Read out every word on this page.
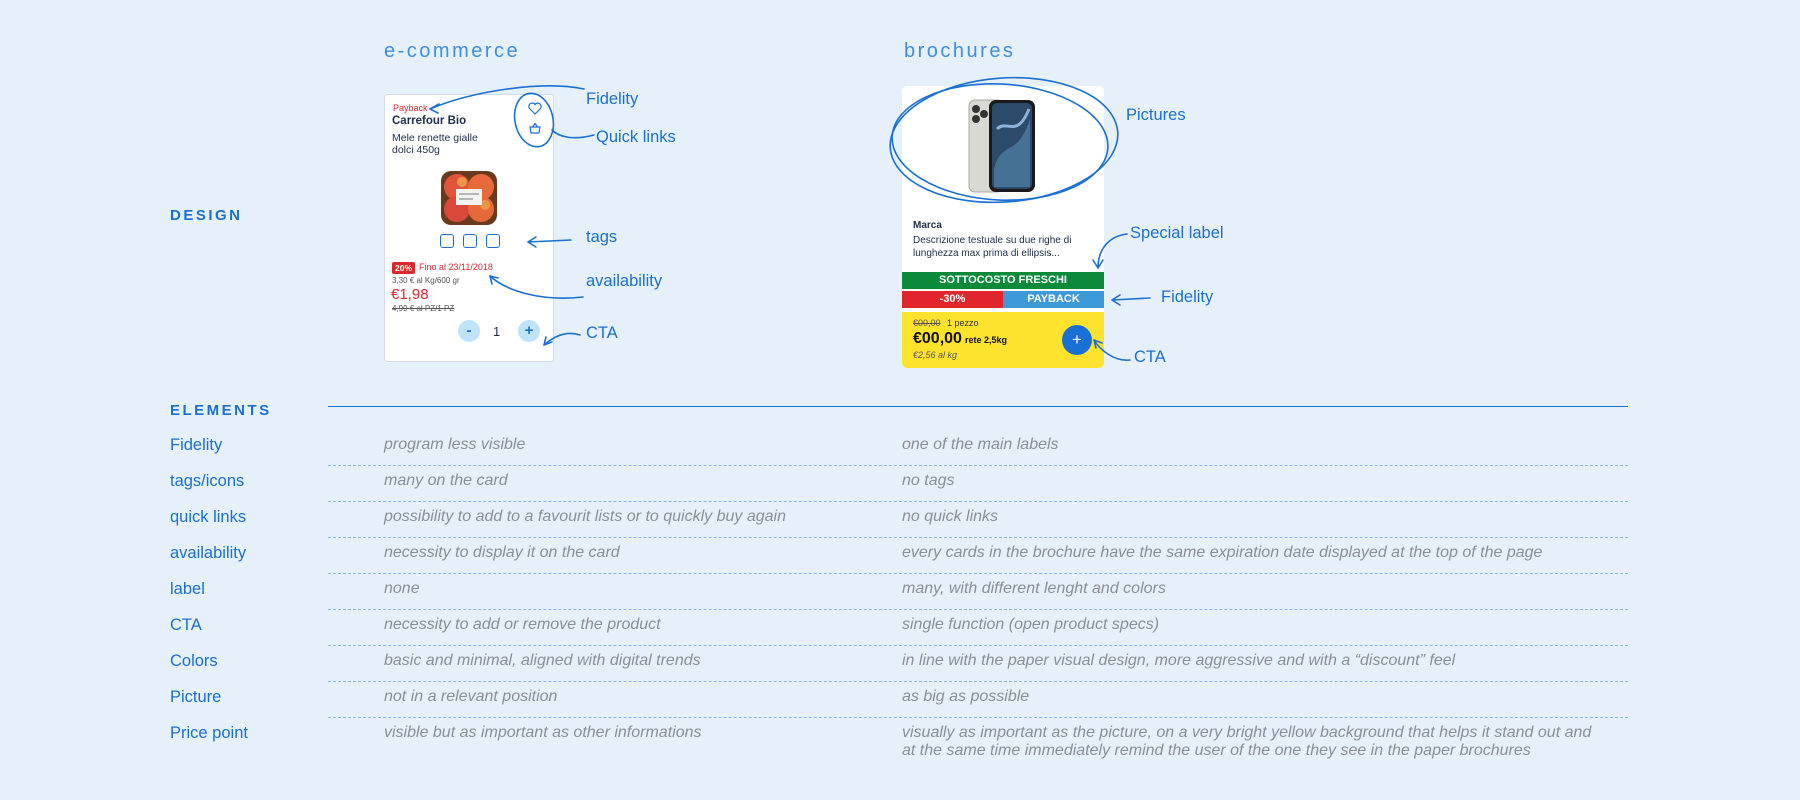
e-commerce	brochures
DESIGN
ELEMENTS
Payback
Carrefour Bio
Mele renette gialle dolci 450g
20% Fino al 23/11/2018
3,30 € al Kg/600 gr
€1,98
4,99 € al PZ/1 PZ
-	1	+
Marca
Descrizione testuale su due righe di lunghezza max prima di ellipsis...
SOTTOCOSTO FRESCHI
-30%	PAYBACK
€00,00 1 pezzo
€00,00 rete 2,5kg
€2,56 al kg
+
Fidelity
Quick links
tags
availability
CTA
Pictures
Special label
Fidelity
CTA
Fidelity	program less visible	one of the main labels
tags/icons	many on the card	no tags
quick links	possibility to add to a favourit lists or to quickly buy again	no quick links
availability	necessity to display it on the card	every cards in the brochure have the same expiration date displayed at the top of the page
label	none	many, with different lenght and colors
CTA	necessity to add or remove the product	single function (open product specs)
Colors	basic and minimal, aligned with digital trends	in line with the paper visual design, more aggressive and with a “discount” feel
Picture	not in a relevant position	as big as possible
Price point	visible but as important as other informations	visually as important as the picture, on a very bright yellow background that helps it stand out and at the same time immediately remind the user of the one they see in the paper brochures
